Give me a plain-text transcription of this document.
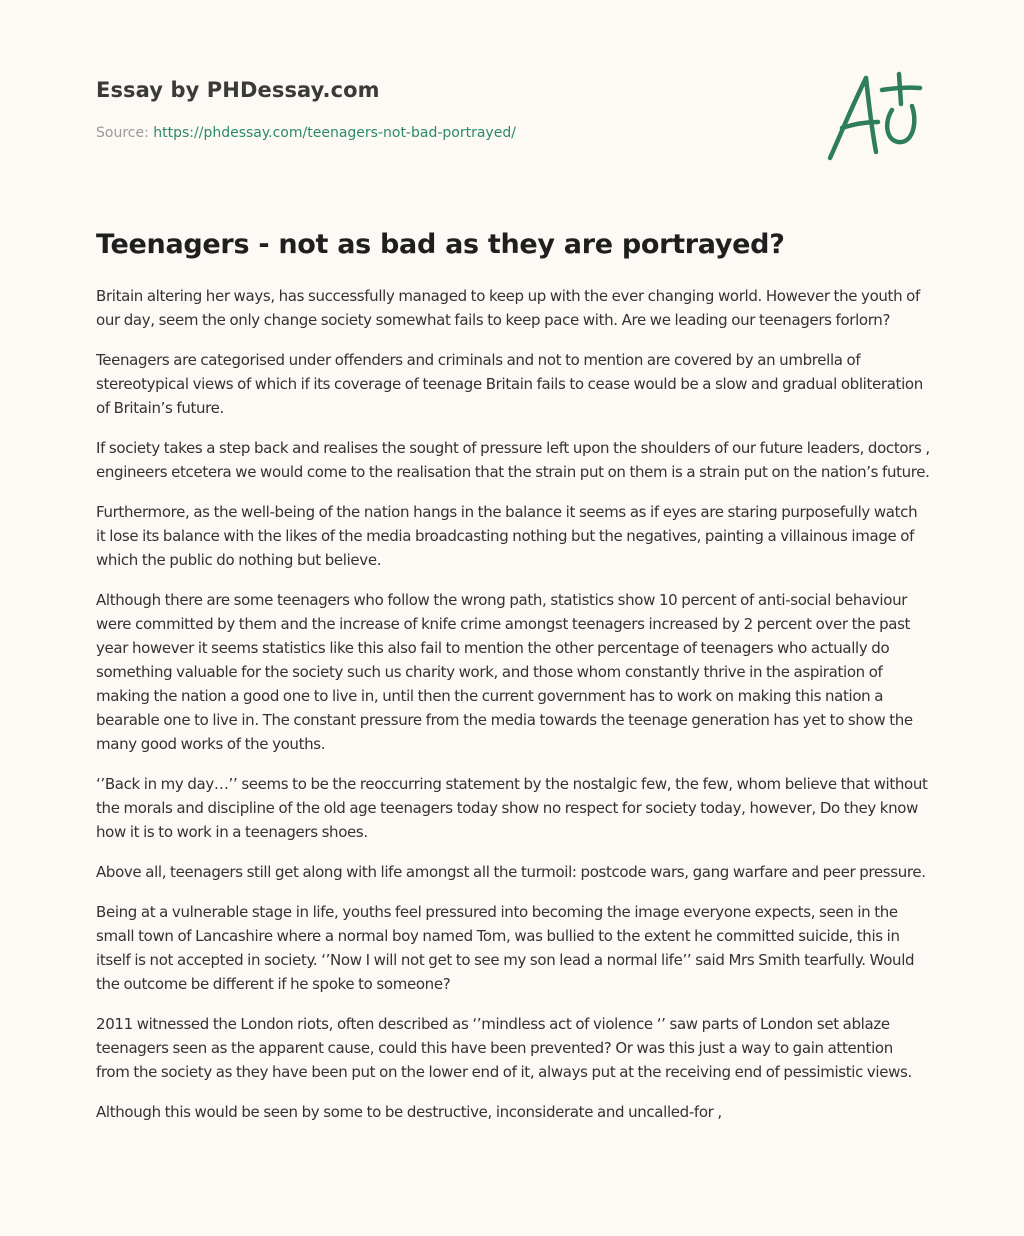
Essay by PHDessay.com
Source: https://phdessay.com/teenagers-not-bad-portrayed/
Teenagers - not as bad as they are portrayed?

Britain altering her ways, has successfully managed to keep up with the ever changing world. However the youth of our day, seem the only change society somewhat fails to keep pace with. Are we leading our teenagers forlorn?

Teenagers are categorised under offenders and criminals and not to mention are covered by an umbrella of stereotypical views of which if its coverage of teenage Britain fails to cease would be a slow and gradual obliteration of Britain’s future.

If society takes a step back and realises the sought of pressure left upon the shoulders of our future leaders, doctors , engineers etcetera we would come to the realisation that the strain put on them is a strain put on the nation’s future.

Furthermore, as the well-being of the nation hangs in the balance it seems as if eyes are staring purposefully watch it lose its balance with the likes of the media broadcasting nothing but the negatives, painting a villainous image of which the public do nothing but believe.

Although there are some teenagers who follow the wrong path, statistics show 10 percent of anti-social behaviour were committed by them and the increase of knife crime amongst teenagers increased by 2 percent over the past year however it seems statistics like this also fail to mention the other percentage of teenagers who actually do something valuable for the society such us charity work, and those whom constantly thrive in the aspiration of making the nation a good one to live in, until then the current government has to work on making this nation a bearable one to live in. The constant pressure from the media towards the teenage generation has yet to show the many good works of the youths.

‘’Back in my day…’’ seems to be the reoccurring statement by the nostalgic few, the few, whom believe that without the morals and discipline of the old age teenagers today show no respect for society today, however, Do they know how it is to work in a teenagers shoes.

Above all, teenagers still get along with life amongst all the turmoil: postcode wars, gang warfare and peer pressure.

Being at a vulnerable stage in life, youths feel pressured into becoming the image everyone expects, seen in the small town of Lancashire where a normal boy named Tom, was bullied to the extent he committed suicide, this in itself is not accepted in society. ‘’Now I will not get to see my son lead a normal life’’ said Mrs Smith tearfully. Would the outcome be different if he spoke to someone?

2011 witnessed the London riots, often described as ‘’mindless act of violence ‘’ saw parts of London set ablaze teenagers seen as the apparent cause, could this have been prevented? Or was this just a way to gain attention from the society as they have been put on the lower end of it, always put at the receiving end of pessimistic views.

Although this would be seen by some to be destructive, inconsiderate and uncalled-for ,
